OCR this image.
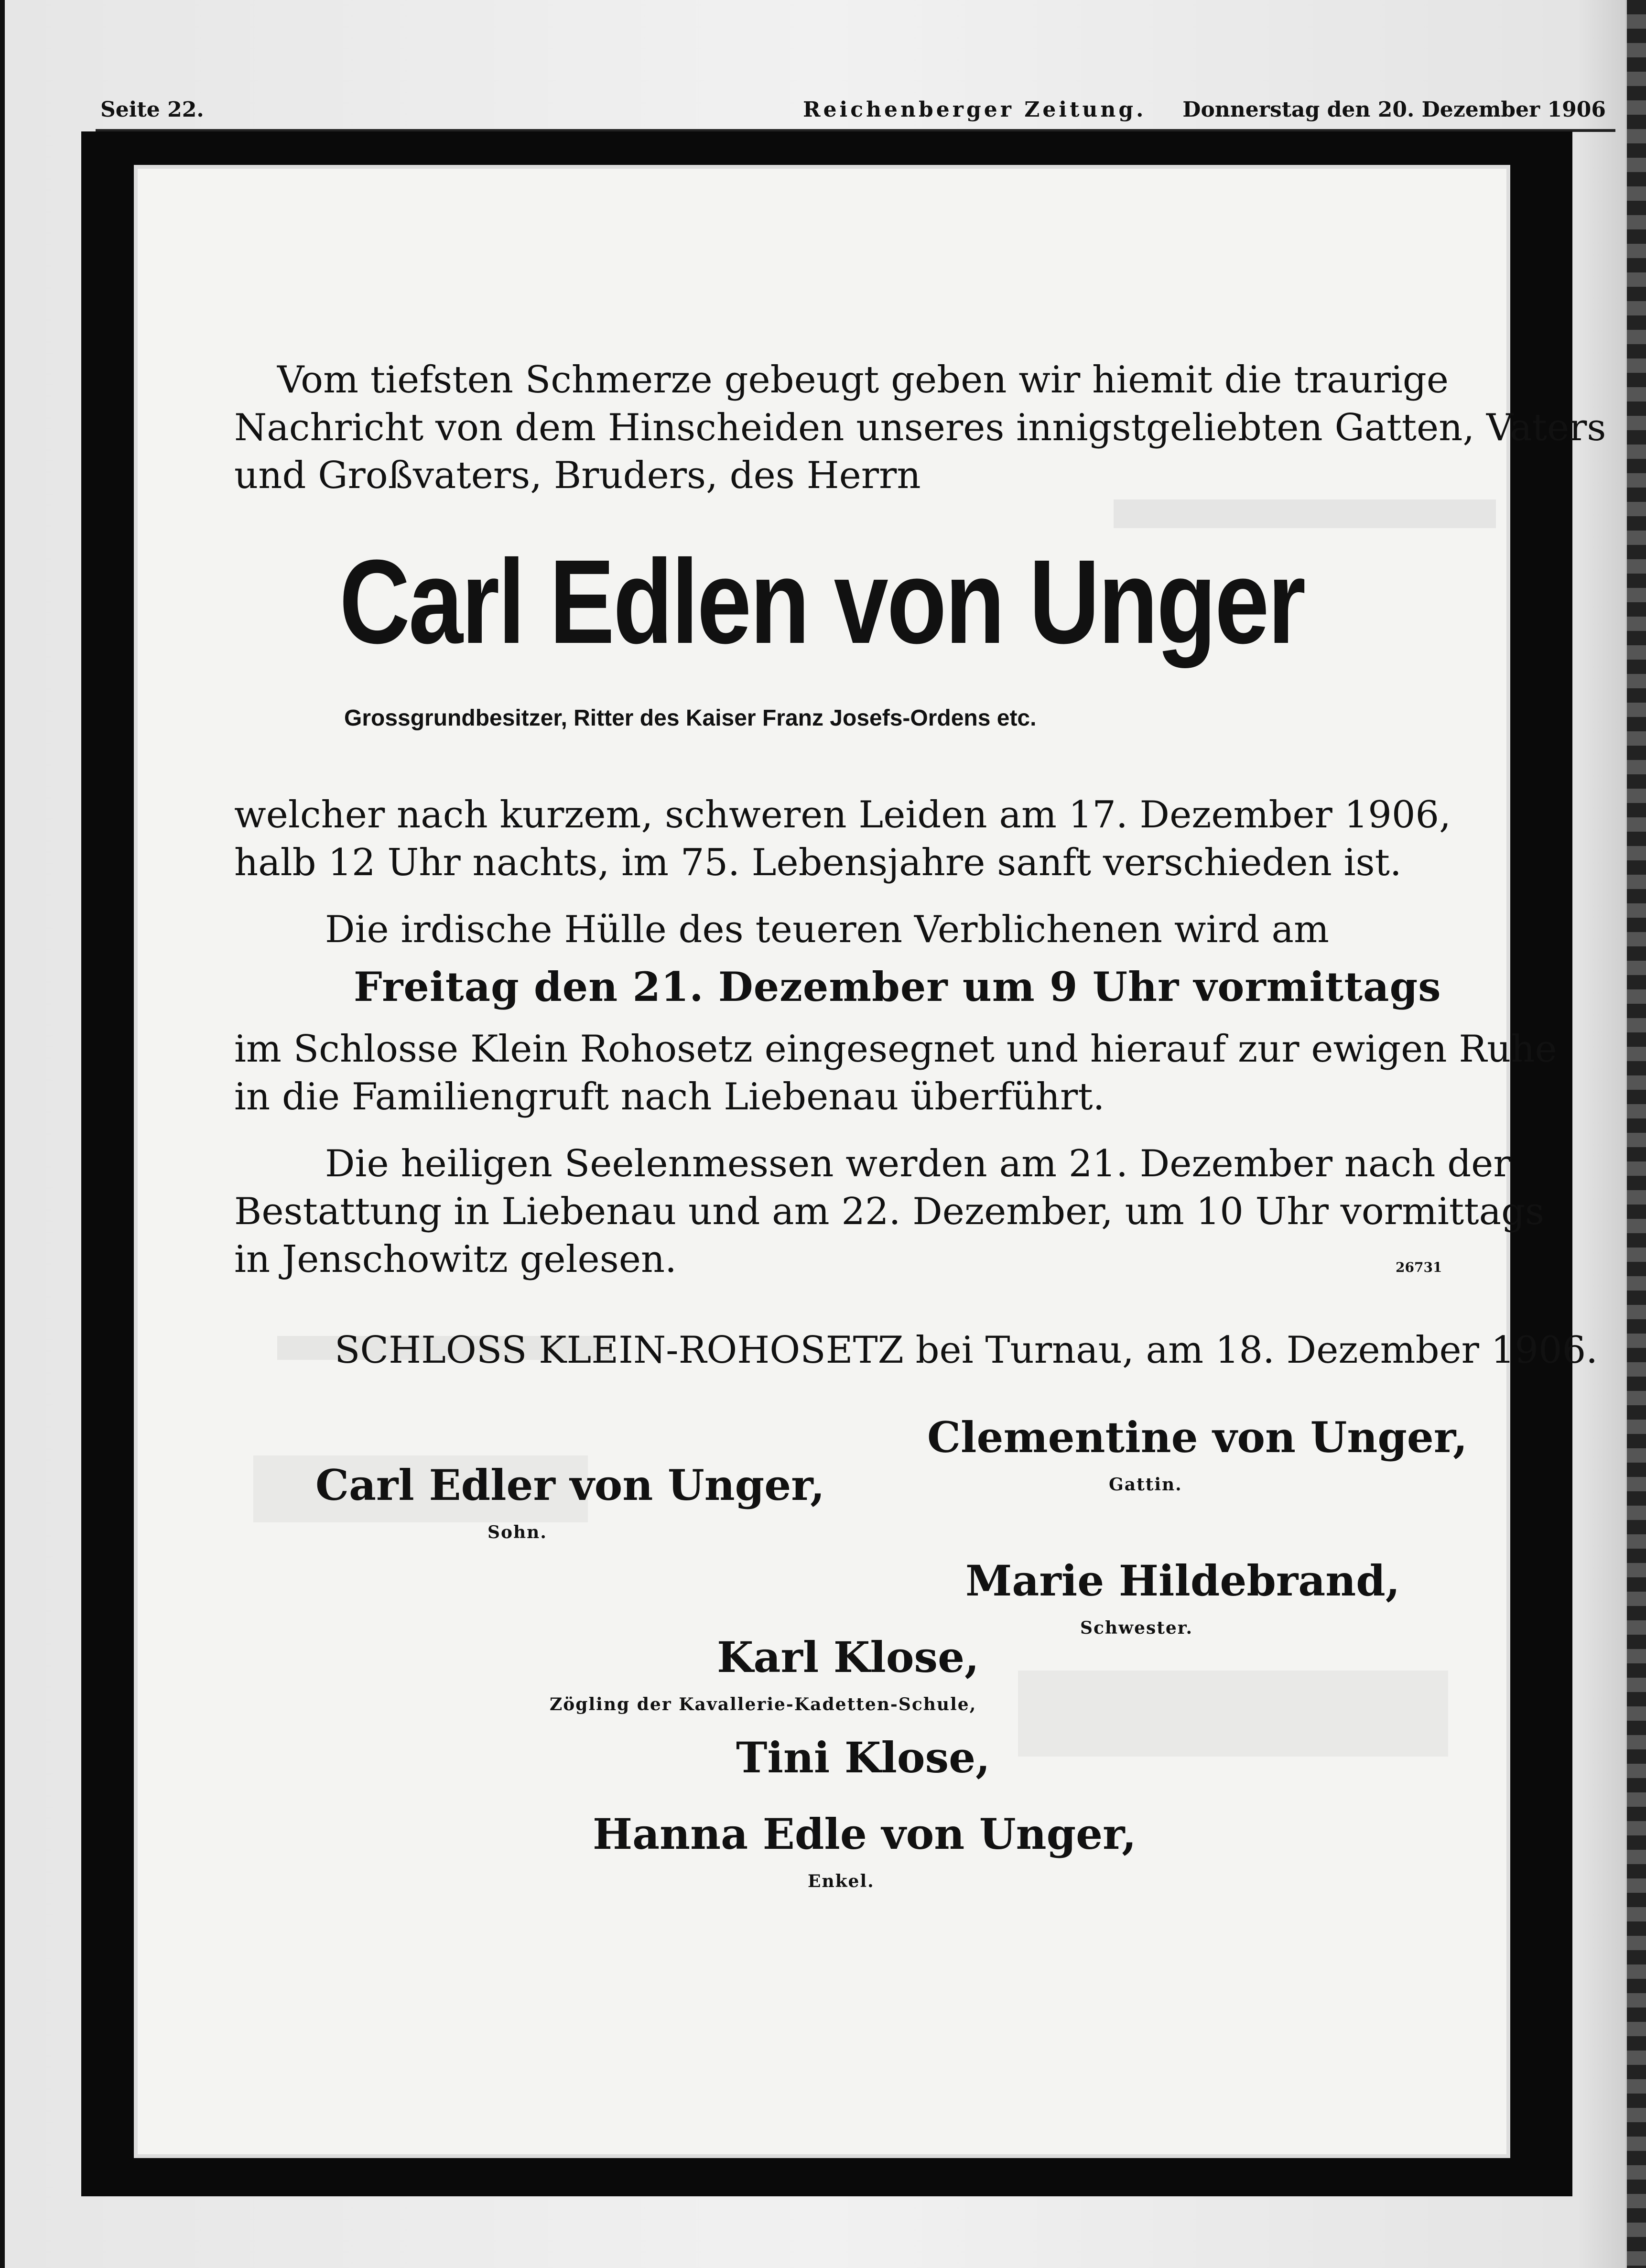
Seite 22.	Reichenberger Zeitung. Donnerstag den 20. Dezember 1906
Vom tiefsten Schmerze gebeugt geben wir hiemit die traurige
Nachricht von dem Hinscheiden unseres innigstgeliebten Gatten, Vaters
und Großvaters, Bruders, des Herrn
Carl Edlen von Unger
Grossgrundbesitzer, Ritter des Kaiser Franz Josefs-Ordens etc.
welcher nach kurzem, schweren Leiden am 17. Dezember 1906,
halb 12 Uhr nachts, im 75. Lebensjahre sanft verschieden ist.
Die irdische Hülle des teueren Verblichenen wird am
Freitag den 21. Dezember um 9 Uhr vormittags
im Schlosse Klein Rohosetz eingesegnet und hierauf zur ewigen Ruhe
in die Familiengruft nach Liebenau überführt.
Die heiligen Seelenmessen werden am 21. Dezember nach der
Bestattung in Liebenau und am 22. Dezember, um 10 Uhr vormittags
in Jenschowitz gelesen.	26731
SCHLOSS KLEIN-ROHOSETZ bei Turnau, am 18. Dezember 1906.
Clementine von Unger,
Gattin.
Carl Edler von Unger,
Sohn.
Marie Hildebrand,
Schwester.
Karl Klose,
Zögling der Kavallerie-Kadetten-Schule,
Tini Klose,
Hanna Edle von Unger,
Enkel.
